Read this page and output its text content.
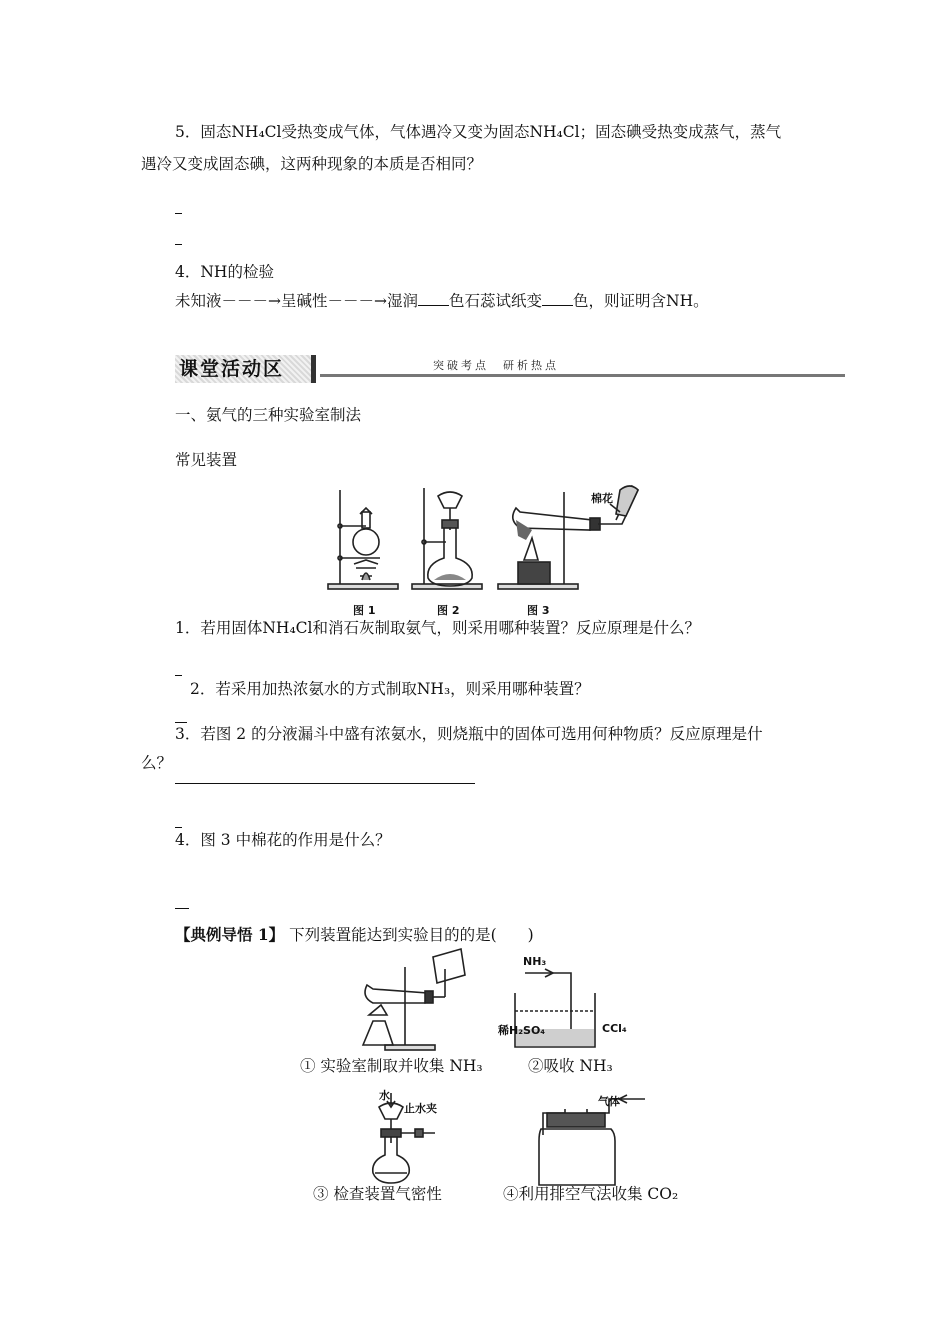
5．固态NH₄Cl受热变成气体，气体遇冷又变为固态NH₄Cl；固态碘受热变成蒸气，蒸气
遇冷又变成固态碘，这两种现象的本质是否相同？
4．NH的检验
未知液－－－→呈碱性－－－→湿润 色石蕊试纸变 色，则证明含NH。
课堂活动区	突破考点　研析热点
一、氨气的三种实验室制法
常见装置
图 1	图 2	图 3
棉花
1．若用固体NH₄Cl和消石灰制取氨气，则采用哪种装置？反应原理是什么？
2．若采用加热浓氨水的方式制取NH₃，则采用哪种装置？
3．若图 2 的分液漏斗中盛有浓氨水，则烧瓶中的固体可选用何种物质？反应原理是什
么？
4．图 3 中棉花的作用是什么？
【典例导悟 1】 下列装置能达到实验目的的是(　　)
NH₃
稀H₂SO₄	CCl₄
① 实验室制取并收集 NH₃	②吸收 NH₃
水
止水夹
气体
③ 检查装置气密性	④利用排空气法收集 CO₂
